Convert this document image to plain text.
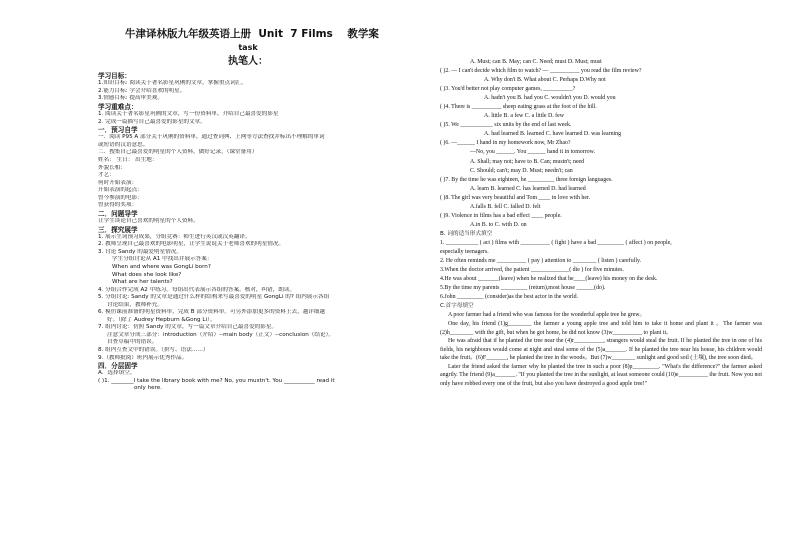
牛津译林版九年级英语上册  Unit  7 Films    教学案
task
执笔人：
学习目标：
1.知识目标: 阅读关于著名影星巩俐的文章，掌握重点词汇。
2.能力目标: 学会介绍喜欢的明星。
3.情感目标: 提高审美观。
学习重难点：
1. 阅读关于著名影星巩俐的文章，写一份资料单，介绍自己最喜爱的影星
2. 完成一篇描写自己最喜爱的影星的文章。
一．预习自学
一．阅读 P95 A 部分关于巩俐的资料单，通过查词典、上网等方法查找并标出不理解的单词
或短语的汉语意思。
二．搜集自己最喜爱的明星的个人资料，做好记录。（课堂备用）
姓名： 生日： 出生地：
外貌长相：
才艺：
何时开始表演：
开始表演的起点：
曾今参演的电影：
曾获得的奖项：
二．问题导学
让学生谈论自己喜欢的明星的个人资料。
三．探究展学
1. 展示生词预习成果，分组竞赛：师生进行英汉或汉英翻译。
2. 教师呈现自己最喜欢的电影明星，让学生说说关于老师喜欢的明星情况。
3. 讨论 Sandy 的最爱明星情况。
学生分组讨论从 A1 中找出并展示答案：
When and where was GongLi born?
What does she look like?
What are her talents?
4. 分组合作完成 A2 中练习。每组出代表展示各组的答案。核对，纠错，朗读。
5. 分组讨论: Sandy 的文章是通过什么样的结构来写最喜爱的明星 GongLi 的? 组内展示各组
讨论结果，教师补充。
6. 模仿课前准备的明星资料单，完成 B 部分资料单。可另外添加更多的资料上去，越详细越
好。（除了 Audrey Hepburn &Gong Li）。
7. 组内讨论：仿照 Sandy 的文章，写一篇文章介绍自己最喜爱的影星。
注意文章分成三部分：introduction（介绍）--main body（正文）--conclusion（结论）。
自查草稿中的错误。
8. 组内互查文中的错误。（拼写、语法……）
9.（教师批阅）班内展示优秀作品。
四．分层固学
A．选择填空。
( )1. ________I take the library book with me? No, you mustn't. You ___________ read it
only here.
A. Must; can B. May; can C. Need; must D. Must; must
( )2. — I can't decide which film to watch? — __________ you read the film review?
A. Why don't B. What about C. Perhaps D.Why not
( )3. You'd better not play computer games, __________?
A. hadn't you B. had you C. wouldn't you D. would you
( )4. There is __________ sheep eating grass at the foot of the hill.
A. little B. a few C. a little D. few
( )5. We ___________ six units by the end of last week.
A. had learned B. learned C. have learned D. was learning
( )6. —______ I hand in my homework now, Mr Zhao?
—No, you ______. You ______ hand it in tomorrow.
A. Shall; may not; have to B. Can; mustn't; need
C. Should; can't; may D. Must; needn't; can
( )7. By the time he was eighteen, he _________ three foreign languages.
A. learn B. learned C. has learned D. had learned
( )8. The girl was very beautiful and Tom ____ in love with her.
A.falls B. fell C. falled D. felt
( )9. Violence in films has a bad effect ____ people.
A.in B. to C. with D. on
B. 词的适当形式填空
1. ___________ ( act ) films with __________ ( fight ) have a bad _________ ( affect ) on people,
especially teenagers.
2. He often reminds me __________ ( pay ) attention to ________ ( listen ) carefully.
3.When the doctor arrived, the patient _____________( die ) for five minutes.
4.He was about _______(leave) when he realized that he____(leave) his money on the desk.
5.By the time my parents _________ (return),most house ______(do).
6.John _________ (consider)as the best actor in the world.
C.首字母填空
A poor farmer had a friend who was famous for the wonderful apple tree he grew。
One day, his friend (1)g________ the farmer a young apple tree and told him to take it home and plant it 。The farmer was (2)h________ with the gift, but when he got home, he did not know (3)w__________ to plant it。
He was afraid that if he planted the tree near the (4)r__________, strangers would steal the fruit. If he planted the tree in one of his fields, his neighbours would come at night and steal some of the (5)a_______. If he planted the tree near his house, his children would take the fruit。(6)F_______, he planted the tree in the woods。But (7)w________ sunlight and good soil (土壤), the tree soon died。
Later the friend asked the farmer why he planted the tree in such a poor (8)p_________. "What's the difference?" the farmer asked angrily. The friend (9)a_______. "If you planted the tree in the sunlight, at least someone could (10)e__________ the fruit. Now you not only have robbed every one of the fruit, but also you have destroyed a good apple tree!"
